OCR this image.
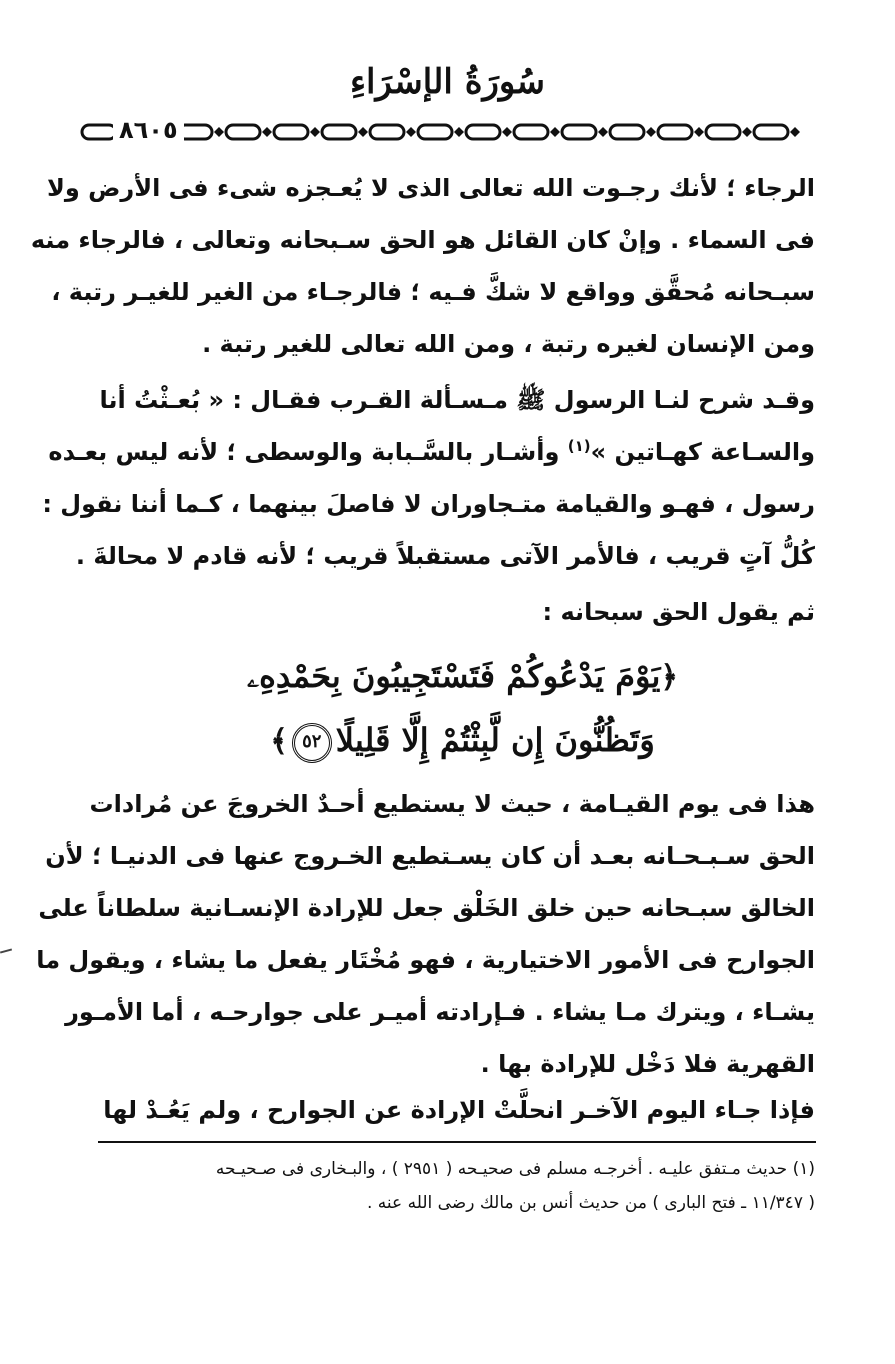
سُورَةُ الإسْرَاءِ
٨٦٠٥
الرجاء ؛ لأنك رجـوت الله تعالى الذى لا يُعـجزه شىء فى الأرض ولا
فى السماء . وإنْ كان القائل هو الحق سـبحانه وتعالى ، فالرجاء منه
سبـحانه مُحقَّق وواقع لا شكَّ فـيه ؛ فالرجـاء من الغير للغيـر رتبة ،
ومن الإنسان لغيره رتبة ، ومن الله تعالى للغير رتبة .
وقـد شرح لنـا الرسول ﷺ مـسـألة القـرب فقـال : « بُعـثْتُ أنا
والسـاعة كهـاتين »$^{(١)}$ وأشـار بالسَّـبابة والوسطى ؛ لأنه ليس بعـده
رسول ، فهـو والقيامة متـجاوران لا فاصلَ بينهما ، كـما أننا نقول :
كُلُّ آتٍ قريب ، فالأمر الآتى مستقبلاً قريب ؛ لأنه قادم لا محالةَ .
ثم يقول الحق سبحانه :
﴿يَوْمَ يَدْعُوكُمْ فَتَسْتَجِيبُونَ بِحَمْدِهِۦ
وَتَظُنُّونَ إِن لَّبِثْتُمْ إِلَّا قَلِيلًا٥٢﴾
هذا فى يوم القيـامة ، حيث لا يستطيع أحـدٌ الخروجَ عن مُرادات
الحق سـبـحـانه بعـد أن كان يسـتطيع الخـروج عنها فى الدنيـا ؛ لأن
الخالق سبـحانه حين خلق الخَلْق جعل للإرادة الإنسـانية سلطاناً على
الجوارح فى الأمور الاختيارية ، فهو مُخْتَار يفعل ما يشاء ، ويقول ما
يشـاء ، ويترك مـا يشاء . فـإرادته أميـر على جوارحـه ، أما الأمـور
القهرية فلا دَخْل للإرادة بها .
فإذا جـاء اليوم الآخـر انحلَّتْ الإرادة عن الجوارح ، ولم يَعُـدْ لها
(١) حديث مـتفق عليـه . أخرجـه مسلم فى صحيـحه ( ٢٩٥١ ) ، والبـخارى فى صـحيـحه
( ١١/٣٤٧ ـ فتح البارى ) من حديث أنس بن مالك رضى الله عنه .
